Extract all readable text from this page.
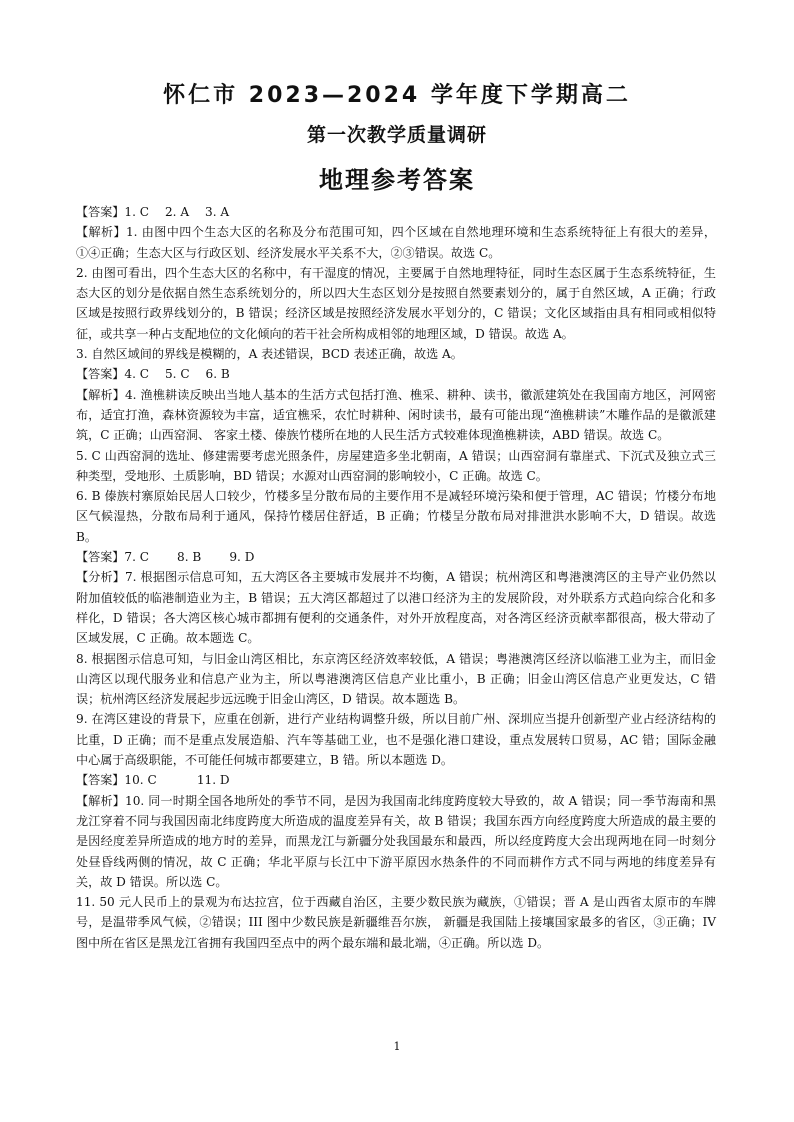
怀仁市 2023—2024 学年度下学期高二
第一次教学质量调研
地理参考答案

【答案】1. C　 2. A　 3. A

【解析】1. 由图中四个生态大区的名称及分布范围可知，四个区域在自然地理环境和生态系统特征上有很大的差异，①④正确；生态大区与行政区划、经济发展水平关系不大，②③错误。故选 C。

2. 由图可看出，四个生态大区的名称中，有干湿度的情况，主要属于自然地理特征，同时生态区属于生态系统特征，生态大区的划分是依据自然生态系统划分的，所以四大生态区划分是按照自然要素划分的，属于自然区域，A 正确；行政区域是按照行政界线划分的，B 错误；经济区域是按照经济发展水平划分的，C 错误；文化区域指由具有相同或相似特征，或共享一种占支配地位的文化倾向的若干社会所构成相邻的地理区域，D 错误。故选 A。

3. 自然区域间的界线是模糊的，A 表述错误，BCD 表述正确，故选 A。

【答案】4. C　 5. C　 6. B

【解析】4. 渔樵耕读反映出当地人基本的生活方式包括打渔、樵采、耕种、读书，徽派建筑处在我国南方地区，河网密布，适宜打渔，森林资源较为丰富，适宜樵采，农忙时耕种、闲时读书，最有可能出现“渔樵耕读”木雕作品的是徽派建筑，C 正确；山西窑洞、 客家土楼、傣族竹楼所在地的人民生活方式较难体现渔樵耕读，ABD 错误。故选 C。

5. C 山西窑洞的选址、修建需要考虑光照条件，房屋建造多坐北朝南，A 错误；山西窑洞有靠崖式、下沉式及独立式三种类型，受地形、土质影响，BD 错误；水源对山西窑洞的影响较小，C 正确。故选 C。

6. B 傣族村寨原始民居人口较少，竹楼多呈分散布局的主要作用不是减轻环境污染和便于管理，AC 错误；竹楼分布地区气候湿热，分散布局利于通风，保持竹楼居住舒适，B 正确；竹楼呈分散布局对排泄洪水影响不大，D 错误。故选 B。

【答案】7. C　　 8. B　　 9. D

【分析】7. 根据图示信息可知，五大湾区各主要城市发展并不均衡，A 错误；杭州湾区和粤港澳湾区的主导产业仍然以附加值较低的临港制造业为主，B 错误；五大湾区都超过了以港口经济为主的发展阶段，对外联系方式趋向综合化和多样化，D 错误；各大湾区核心城市都拥有便利的交通条件，对外开放程度高，对各湾区经济贡献率都很高，极大带动了区域发展，C 正确。故本题选 C。

8. 根据图示信息可知，与旧金山湾区相比，东京湾区经济效率较低，A 错误；粤港澳湾区经济以临港工业为主，而旧金山湾区以现代服务业和信息产业为主，所以粤港澳湾区信息产业比重小，B 正确；旧金山湾区信息产业更发达，C 错误；杭州湾区经济发展起步远远晚于旧金山湾区，D 错误。故本题选 B。

9. 在湾区建设的背景下，应重在创新，进行产业结构调整升级，所以目前广州、深圳应当提升创新型产业占经济结构的比重，D 正确；而不是重点发展造船、汽车等基础工业，也不是强化港口建设，重点发展转口贸易，AC 错；国际金融中心属于高级职能，不可能任何城市都要建立，B 错。所以本题选 D。

【答案】10. C　　　 11. D

【解析】10. 同一时期全国各地所处的季节不同，是因为我国南北纬度跨度较大导致的，故 A 错误；同一季节海南和黑龙江穿着不同与我国因南北纬度跨度大所造成的温度差异有关，故 B 错误；我国东西方向经度跨度大所造成的最主要的是因经度差异所造成的地方时的差异，而黑龙江与新疆分处我国最东和最西，所以经度跨度大会出现两地在同一时刻分处昼昏线两侧的情况，故 C 正确；华北平原与长江中下游平原因水热条件的不同而耕作方式不同与两地的纬度差异有关，故 D 错误。所以选 C。

11. 50 元人民币上的景观为布达拉宫，位于西藏自治区，主要少数民族为藏族，①错误；晋 A 是山西省太原市的车牌号，是温带季风气候，②错误；III 图中少数民族是新疆维吾尔族， 新疆是我国陆上接壤国家最多的省区，③正确；IV 图中所在省区是黑龙江省拥有我国四至点中的两个最东端和最北端，④正确。所以选 D。

1
